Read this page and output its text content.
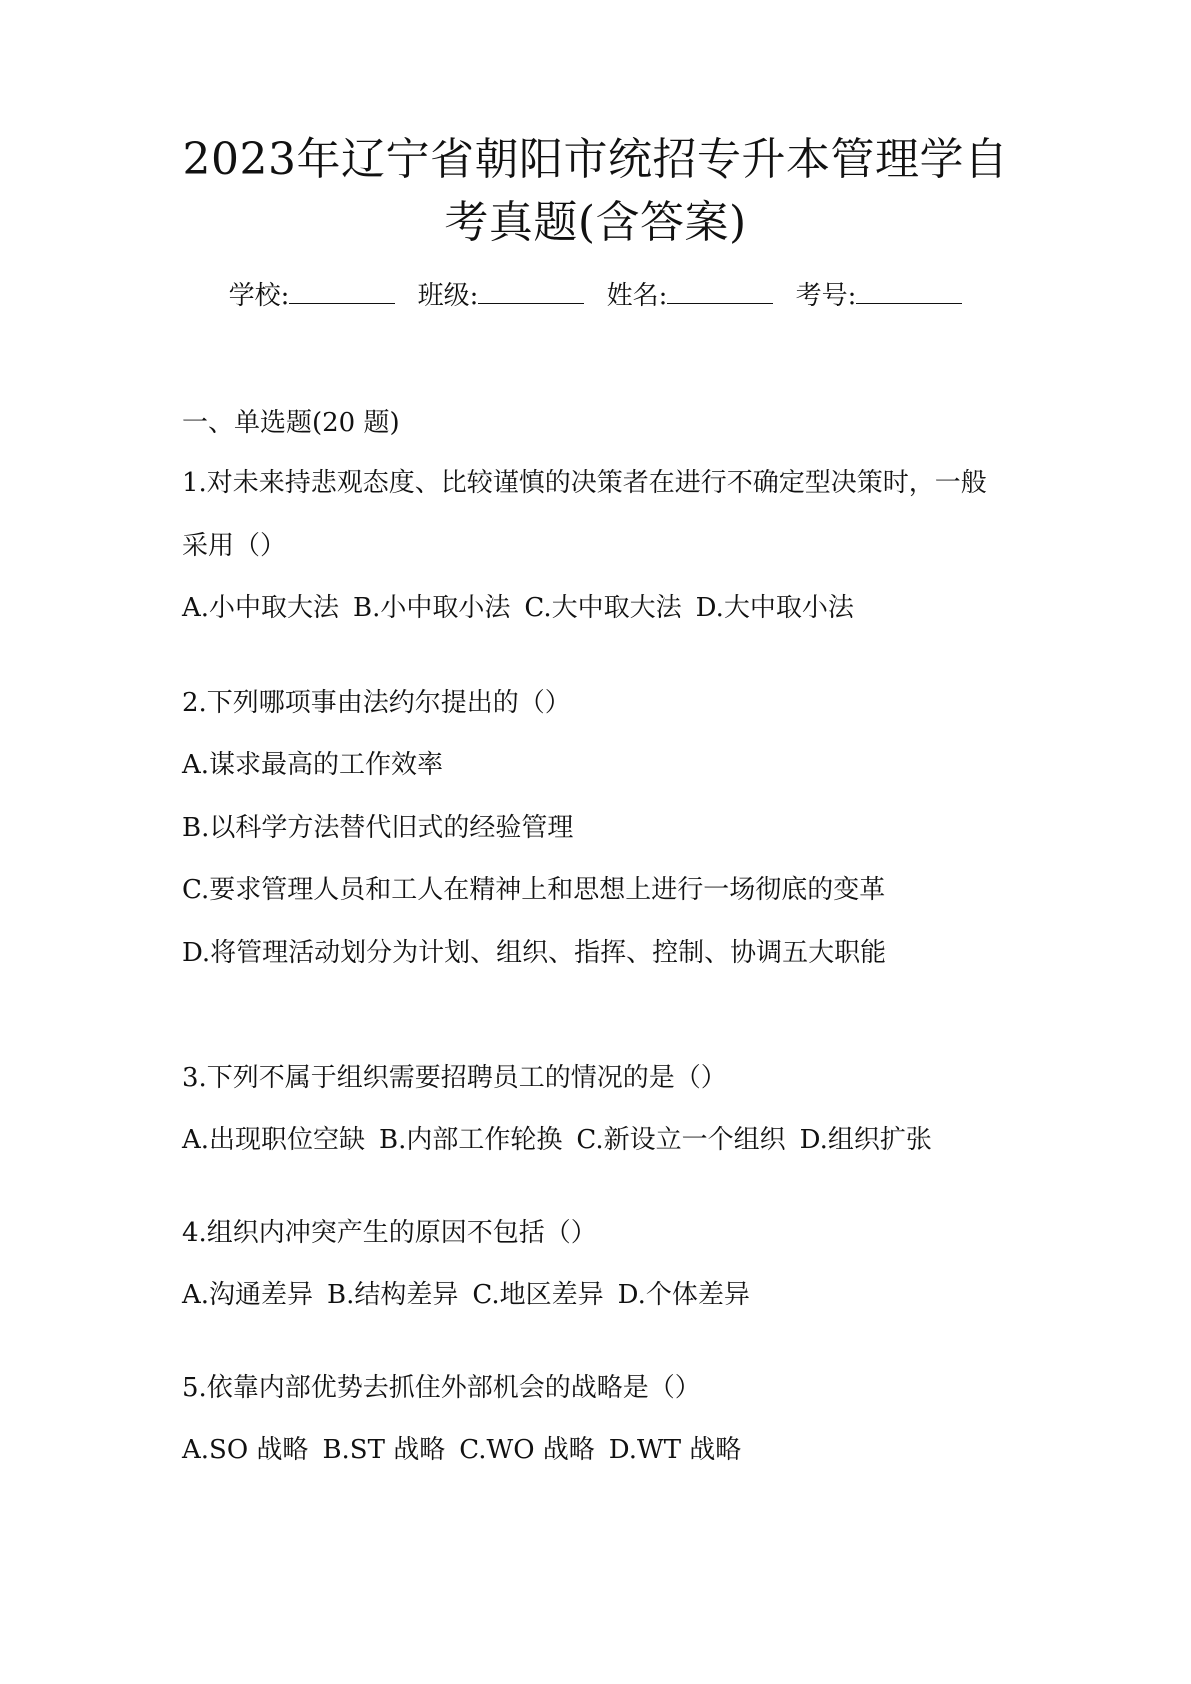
2023年辽宁省朝阳市统招专升本管理学自
考真题(含答案)
学校:	班级:	姓名:	考号:
一、单选题(20 题)
1.对未来持悲观态度、比较谨慎的决策者在进行不确定型决策时，一般
采用（）
A.小中取大法 B.小中取小法 C.大中取大法 D.大中取小法
2.下列哪项事由法约尔提出的（）
A.谋求最高的工作效率
B.以科学方法替代旧式的经验管理
C.要求管理人员和工人在精神上和思想上进行一场彻底的变革
D.将管理活动划分为计划、组织、指挥、控制、协调五大职能
3.下列不属于组织需要招聘员工的情况的是（）
A.出现职位空缺 B.内部工作轮换 C.新设立一个组织 D.组织扩张
4.组织内冲突产生的原因不包括（）
A.沟通差异 B.结构差异 C.地区差异 D.个体差异
5.依靠内部优势去抓住外部机会的战略是（）
A.SO 战略 B.ST 战略 C.WO 战略 D.WT 战略
